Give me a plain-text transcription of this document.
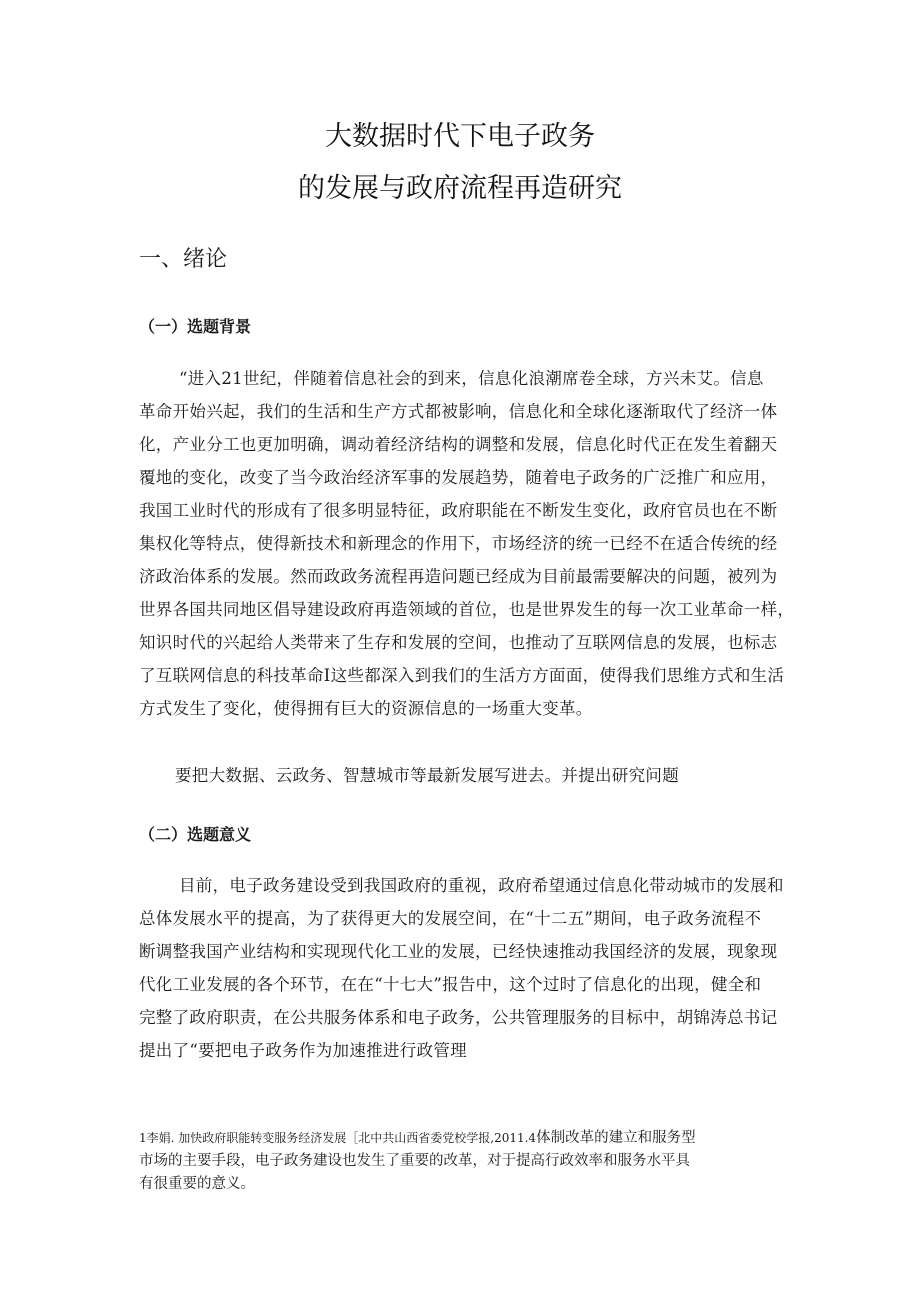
大数据时代下电子政务
的发展与政府流程再造研究
一、绪论
（一）选题背景
“进入21世纪，伴随着信息社会的到来，信息化浪潮席卷全球，方兴未艾。信息
革命开始兴起，我们的生活和生产方式都被影响，信息化和全球化逐渐取代了经济一体
化，产业分工也更加明确，调动着经济结构的调整和发展，信息化时代正在发生着翻天
覆地的变化，改变了当今政治经济军事的发展趋势，随着电子政务的广泛推广和应用，
我国工业时代的形成有了很多明显特征，政府职能在不断发生变化，政府官员也在不断
集权化等特点，使得新技术和新理念的作用下，市场经济的统一已经不在适合传统的经
济政治体系的发展。然而政政务流程再造问题已经成为目前最需要解决的问题，被列为
世界各国共同地区倡导建设政府再造领域的首位，也是世界发生的每一次工业革命一样，
知识时代的兴起给人类带来了生存和发展的空间，也推动了互联网信息的发展，也标志
了互联网信息的科技革命I这些都深入到我们的生活方方面面，使得我们思维方式和生活
方式发生了变化，使得拥有巨大的资源信息的一场重大变革。
要把大数据、云政务、智慧城市等最新发展写进去。并提出研究问题
（二）选题意义
目前，电子政务建设受到我国政府的重视，政府希望通过信息化带动城市的发展和
总体发展水平的提高，为了获得更大的发展空间，在“十二五”期间，电子政务流程不
断调整我国产业结构和实现现代化工业的发展，已经快速推动我国经济的发展，现象现
代化工业发展的各个环节，在在“十七大”报告中，这个过时了信息化的出现，健全和
完整了政府职责，在公共服务体系和电子政务，公共管理服务的目标中，胡锦涛总书记
提出了“要把电子政务作为加速推进行政管理
1李娟. 加快政府职能转变服务经济发展［北中共山西省委党校学报,2011.4体制改革的建立和服务型
市场的主要手段，电子政务建设也发生了重要的改革，对于提高行政效率和服务水平具
有很重要的意义。
